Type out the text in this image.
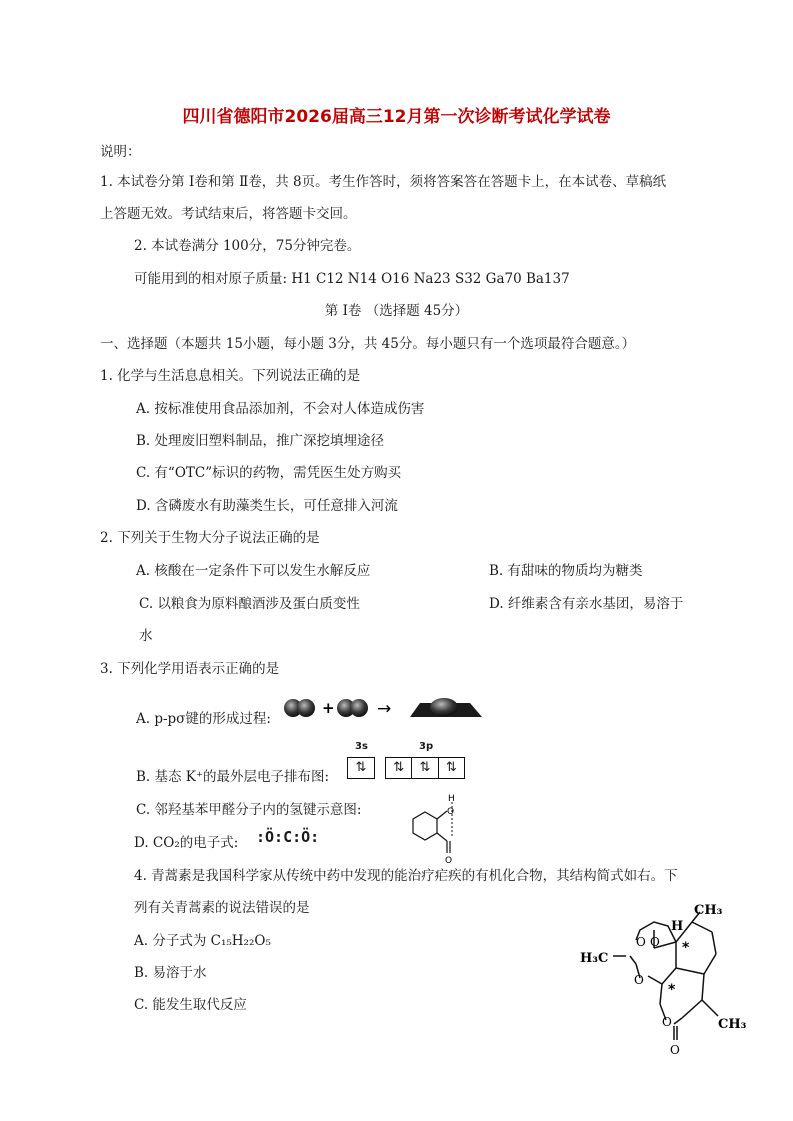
四川省德阳市2026届高三12月第一次诊断考试化学试卷
说明：
1. 本试卷分第 Ⅰ卷和第 Ⅱ卷，共 8页。考生作答时，须将答案答在答题卡上，在本试卷、草稿纸
上答题无效。考试结束后，将答题卡交回。
2. 本试卷满分 100分，75分钟完卷。
可能用到的相对原子质量: H1 C12 N14 O16 Na23 S32 Ga70 Ba137
第 Ⅰ卷 （选择题 45分）
一、选择题（本题共 15小题，每小题 3分，共 45分。每小题只有一个选项最符合题意。）
1. 化学与生活息息相关。下列说法正确的是
A. 按标准使用食品添加剂，不会对人体造成伤害
B. 处理废旧塑料制品，推广深挖填埋途径
C. 有“OTC”标识的药物，需凭医生处方购买
D. 含磷废水有助藻类生长，可任意排入河流
2. 下列关于生物大分子说法正确的是
A. 核酸在一定条件下可以发生水解反应	B. 有甜味的物质均为糖类
C. 以粮食为原料酿酒涉及蛋白质变性	D. 纤维素含有亲水基团，易溶于
水
3. 下列化学用语表示正确的是
A. p-pσ键的形成过程:
+ →
B. 基态 K⁺的最外层电子排布图:
3s	3p
⇅	⇅	⇅	⇅
C. 邻羟基苯甲醛分子内的氢键示意图:
D. CO₂的电子式: :Ö:C:Ö:
H
O
O
4. 青蒿素是我国科学家从传统中药中发现的能治疗疟疾的有机化合物，其结构简式如右。下
列有关青蒿素的说法错误的是
A. 分子式为 C₁₅H₂₂O₅
B. 易溶于水
C. 能发生取代反应
CH₃
H
*
H₃C
O O
O
*
CH₃
O
O
